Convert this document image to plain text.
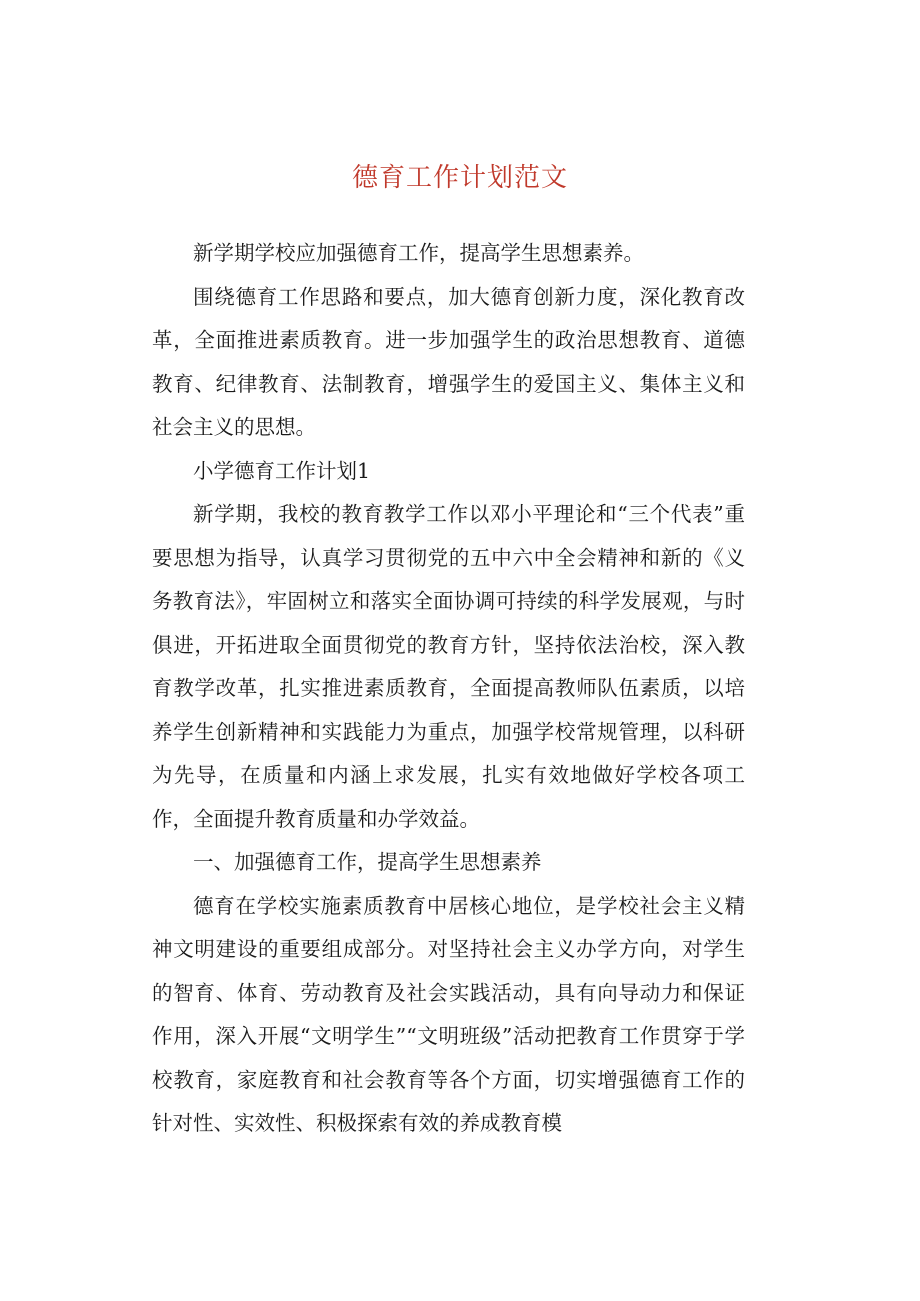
德育工作计划范文

新学期学校应加强德育工作，提高学生思想素养。

围绕德育工作思路和要点，加大德育创新力度，深化教育改革，全面推进素质教育。进一步加强学生的政治思想教育、道德教育、纪律教育、法制教育，增强学生的爱国主义、集体主义和社会主义的思想。

小学德育工作计划1

新学期，我校的教育教学工作以邓小平理论和“三个代表”重要思想为指导，认真学习贯彻党的五中六中全会精神和新的《义务教育法》，牢固树立和落实全面协调可持续的科学发展观，与时俱进，开拓进取全面贯彻党的教育方针，坚持依法治校，深入教育教学改革，扎实推进素质教育，全面提高教师队伍素质，以培养学生创新精神和实践能力为重点，加强学校常规管理，以科研为先导，在质量和内涵上求发展，扎实有效地做好学校各项工作，全面提升教育质量和办学效益。

一、加强德育工作，提高学生思想素养

德育在学校实施素质教育中居核心地位，是学校社会主义精神文明建设的重要组成部分。对坚持社会主义办学方向，对学生的智育、体育、劳动教育及社会实践活动，具有向导动力和保证作用，深入开展“文明学生”“文明班级”活动把教育工作贯穿于学校教育，家庭教育和社会教育等各个方面，切实增强德育工作的针对性、实效性、积极探索有效的养成教育模
